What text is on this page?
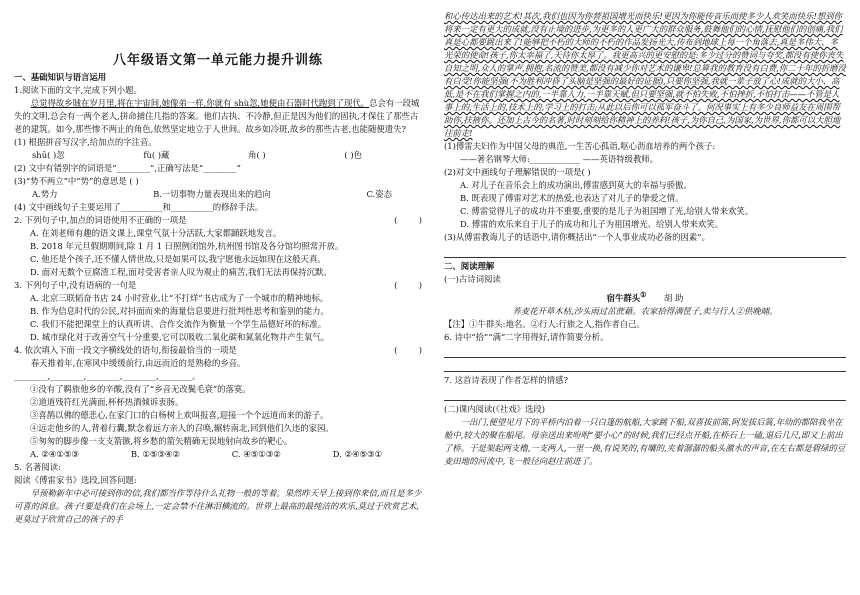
八年级语文第一单元能力提升训练

一、基础知识与语言运用

1.阅读下面的文字,完成下列小题。

总觉得故乡賊在岁月里,将在宇宙间,她像弟一样,你就有 shù忽,她便由石器时代跑到了现代。总会有一段城失的文明,总会有一两个老人,拼命捕住几指的答案。他们古执、不冷静,但正是因为他们的固执,才保住了那些古老的建筑。如今,那些惨不两止的角色,依然坚定地立于人世间。故乡如冷斑,故乡的那些古老,也能随便遗失?

(1) 根据拼音写汉字,给加点的字注音。

shū( )忽	fù( )藏	角( )	( )色

(2) 文中有错别字的词语是“________”,正确写法是“________”

(3)“势不两立”中“势”的意思是 ( )

A.势力	B.一切事物力量表现出来的趋向	C.姿态

(4) 文中画线句子主要运用了__________和__________的修辞手法。

2. 下列句子中,加点的词语使用不正确的一项是	(        )

A. 在刘老师有趣的语文课上,课堂气氛十分活跃,大家都踊跃地发言。

B. 2018 年元旦假期期间,除 1 月 1 日照例闭馆外,杭州图书馆及各分馆均照常开放。

C. 他还是个孩子,还不懂人情世故,只是如果可以,我宁愿他永远如现在这般天真。

D. 面对无数个豆腐渣工程,面对受害者亲人叹为观止的痛苦,我们无法再保持沉默。

3. 下列句子中,没有语病的一句是	(        )

A. 北京三联韬奋书店 24 小时营业,让“不打烊”书店成为了一个城市的精神地标。

B. 作为信息时代的公民,对抖面而来的海量信息要进行批判性思考和鉴别的能力。

C. 我们不能把课堂上的认真听讲、合作交流作为衡量一个学生品德好坏的标准。

D. 城市绿化对于改善空气十分重要,它可以吸收二氧化碳和氮氧化物并产生氧气。

4. 依次填入下面一段文字横线处的语句,衔接最恰当的一项是	(        )

春天推着年,在寒风中缓缓前行,由远而近的是熟稔的乡音。________,________,________,________,________。

①没有了羁旅他乡的辛酸,没有了“乡音无改鬓毛衰”的落寞。

②道道残符红光满面,杯杯热酒倾诉衷肠。

③喜鹊以佛的德悲心,在家门口的白杨树上欢叫报喜,迎接一个个远道而来的游子。

④远走他乡的人,背着行囊,默念着远方亲人的召唤,辗转南北,回到他们久违的家园。

⑤匆匆的脚步像一支支箭镞,将乡愁的箭矢精确无误地射向故乡的靶心。

A. ②④①⑤③	B. ①⑤③④②	C. ④⑤①③②	D. ②④⑤③①

5. 名著阅读:

阅读《傅雷家书》选段,回答问题:

早预勒新年中必可接到你的信,我们都当作等待什么礼物一般的等着。果然昨天早上接到你来信,而且是多少可喜的消息。孩子!要是我们在会场上,一定会禁不住淋泪横流的。世界上最高的最纯洁的欢乐,莫过于欣赏艺术,更莫过于欣赏自己的孩子的手

和心传达出来的艺术!其次,我们也因为你替祖国增光而快乐!更因为你能传音乐而使多少人欢笑而快乐!想到你将来一定有更大的成就,没有止境的进步,为更多的人更广大的群众服务,鼓舞他们的心情,抚慰他们的创痛,我们真是心都要跳出来了!能够把不朽的大师的不朽的作品发扬光大,传布到地球上每一个角落去,真是多伟大、多光荣的使命!孩子,你太幸福了,天待你太厚了。我更高兴的更安慰的是:多少过分的赞词与夸奖,都没有使你丧失自知之明,众人的掌声,拥抱,名流的赞美,都没有减少你对艺术的谦卑!总算我的教育没有白费,你二十年的折磨没有白受!你能坚强(不为胜利冲昏了头脑是坚强的最好的证据),只要你坚强,我就一辈子放了心!成就的大小、高低,是不在我们掌握之内的,一半靠人力,一半靠天赋,但只要坚强,就不怕失败,不怕挫折,不怕打击——不管是人事上的,生活上的,技术上的,学习上的打击;从此以后你可以孤军奋斗了。何况事实上有多少良师益友在周围帮助你,扶掖你。还加上古今的名著,时时刻刻给你精神上的养料!孩子,为你自己,为国家,为世界,你都可以大胆地往前走!

(1)傅雷夫妇作为中国父母的典范,一生苦心孤诣,呕心沥血培养的两个孩子:

——著名钢琴大师:____________ ——英语特级教师。

(2)对文中画线句子理解错误的一项是( )

A. 对儿子在音乐会上的成功演出,傅雷感到莫大的幸福与骄傲。

B. 既表现了傅雷对艺术的热爱,也表达了对儿子的挚爱之情。

C. 傅雷觉得儿子的成功并不重要,重要的是儿子为祖国增了光,给别人带来欢笑。

D. 傅雷的欢乐来自于儿子的成功和儿子为祖国增光、给别人带来欢笑。

(3)从傅雷教诲儿子的话语中,请你概括出“一个人事业成功必备的因素”。

二、阅读理解

(一)古诗词阅读

宿牛群头① 胡 助

荞麦花开草木枯,沙头雨过茁蔗藉。农家拾得满筐子,卖与行人②供晚晡。

【注】①牛群头:地名。②行人:行旅之人,指作者自己。

6. 诗中“拾”“满”二字用得好,请作简要分析。

7. 这首诗表现了作者怎样的情感?

(二)课内阅读(《社戏》选段)

一出门,便望见月下的平桥内泊着一只白篷的航船,大家跳下船,双喜拔前篙,阿发拔后篙,年幼的都陪我坐在舱中,较大的聚在船尾。母亲送出来吩咐“要小心”的时候,我们已经点开船,在桥石上一磕,退后几尺,即又上前出了桥。于是架起两支橹,一支两人,一里一换,有说笑的,有嚷的,夹着潺潺的船头激水的声音,在左右都是碧绿的豆麦田地的河流中,飞一般径向赵庄前进了。
